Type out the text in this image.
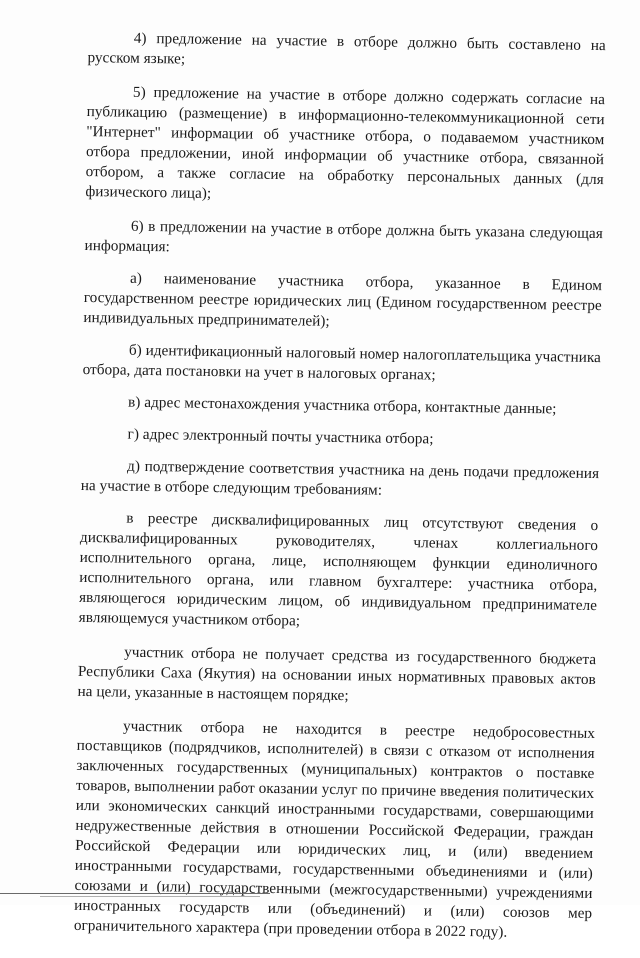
4) предложение на участие в отборе должно быть составлено на русском языке;

5) предложение на участие в отборе должно содержать согласие на публикацию (размещение) в информационно-телекоммуникационной сети "Интернет" информации об участнике отбора, о подаваемом участником отбора предложении, иной информации об участнике отбора, связанной отбором, а также согласие на обработку персональных данных (для физического лица);

6) в предложении на участие в отборе должна быть указана следующая информация:

а) наименование участника отбора, указанное в Едином государственном реестре юридических лиц (Едином государственном реестре индивидуальных предпринимателей);

б) идентификационный налоговый номер налогоплательщика участника отбора, дата постановки на учет в налоговых органах;

в) адрес местонахождения участника отбора, контактные данные;

г) адрес электронный почты участника отбора;

д) подтверждение соответствия участника на день подачи предложения на участие в отборе следующим требованиям:

в реестре дисквалифицированных лиц отсутствуют сведения о дисквалифицированных руководителях, членах коллегиального исполнительного органа, лице, исполняющем функции единоличного исполнительного органа, или главном бухгалтере: участника отбора, являющегося юридическим лицом, об индивидуальном предпринимателе являющемуся участником отбора;

участник отбора не получает средства из государственного бюджета Республики Саха (Якутия) на основании иных нормативных правовых актов на цели, указанные в настоящем порядке;

участник отбора не находится в реестре недобросовестных поставщиков (подрядчиков, исполнителей) в связи с отказом от исполнения заключенных государственных (муниципальных) контрактов о поставке товаров, выполнении работ оказании услуг по причине введения политических или экономических санкций иностранными государствами, совершающими недружественные действия в отношении Российской Федерации, граждан Российской Федерации или юридических лиц, и (или) введением иностранными государствами, государственными объединениями и (или) союзами и (или) государственными (межгосударственными) учреждениями иностранных государств или (объединений) и (или) союзов мер ограничительного характера (при проведении отбора в 2022 году).
